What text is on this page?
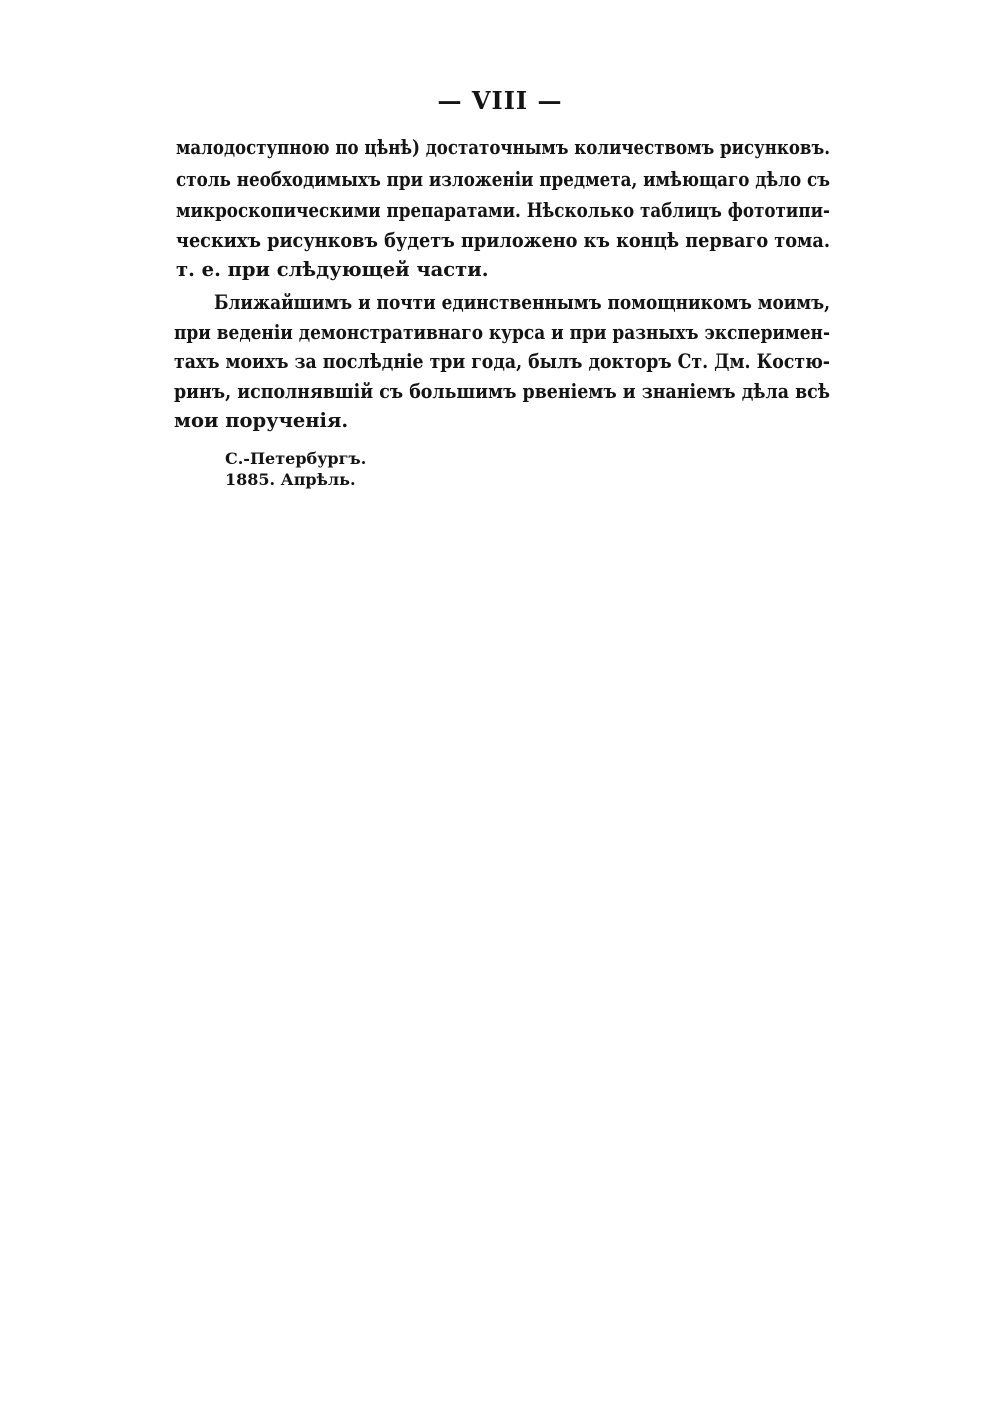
— VIII —
малодоступною по цѣнѣ) достаточнымъ количествомъ рисунковъ.
столь необходимыхъ при изложеніи предмета, имѣющаго дѣло съ
микроскопическими препаратами. Нѣсколько таблицъ фототипи-
ческихъ рисунковъ будетъ приложено къ концѣ перваго тома.
т. е. при слѣдующей части.
Ближайшимъ и почти единственнымъ помощникомъ моимъ,
при веденіи демонстративнаго курса и при разныхъ экспеpимен-
тахъ моихъ за послѣдніе три года, былъ докторъ Ст. Дм. Костю-
ринъ, исполнявшій съ большимъ рвеніемъ и знаніемъ дѣла всѣ
мои порученія.
С.-Петербургъ.
1885. Апрѣль.
